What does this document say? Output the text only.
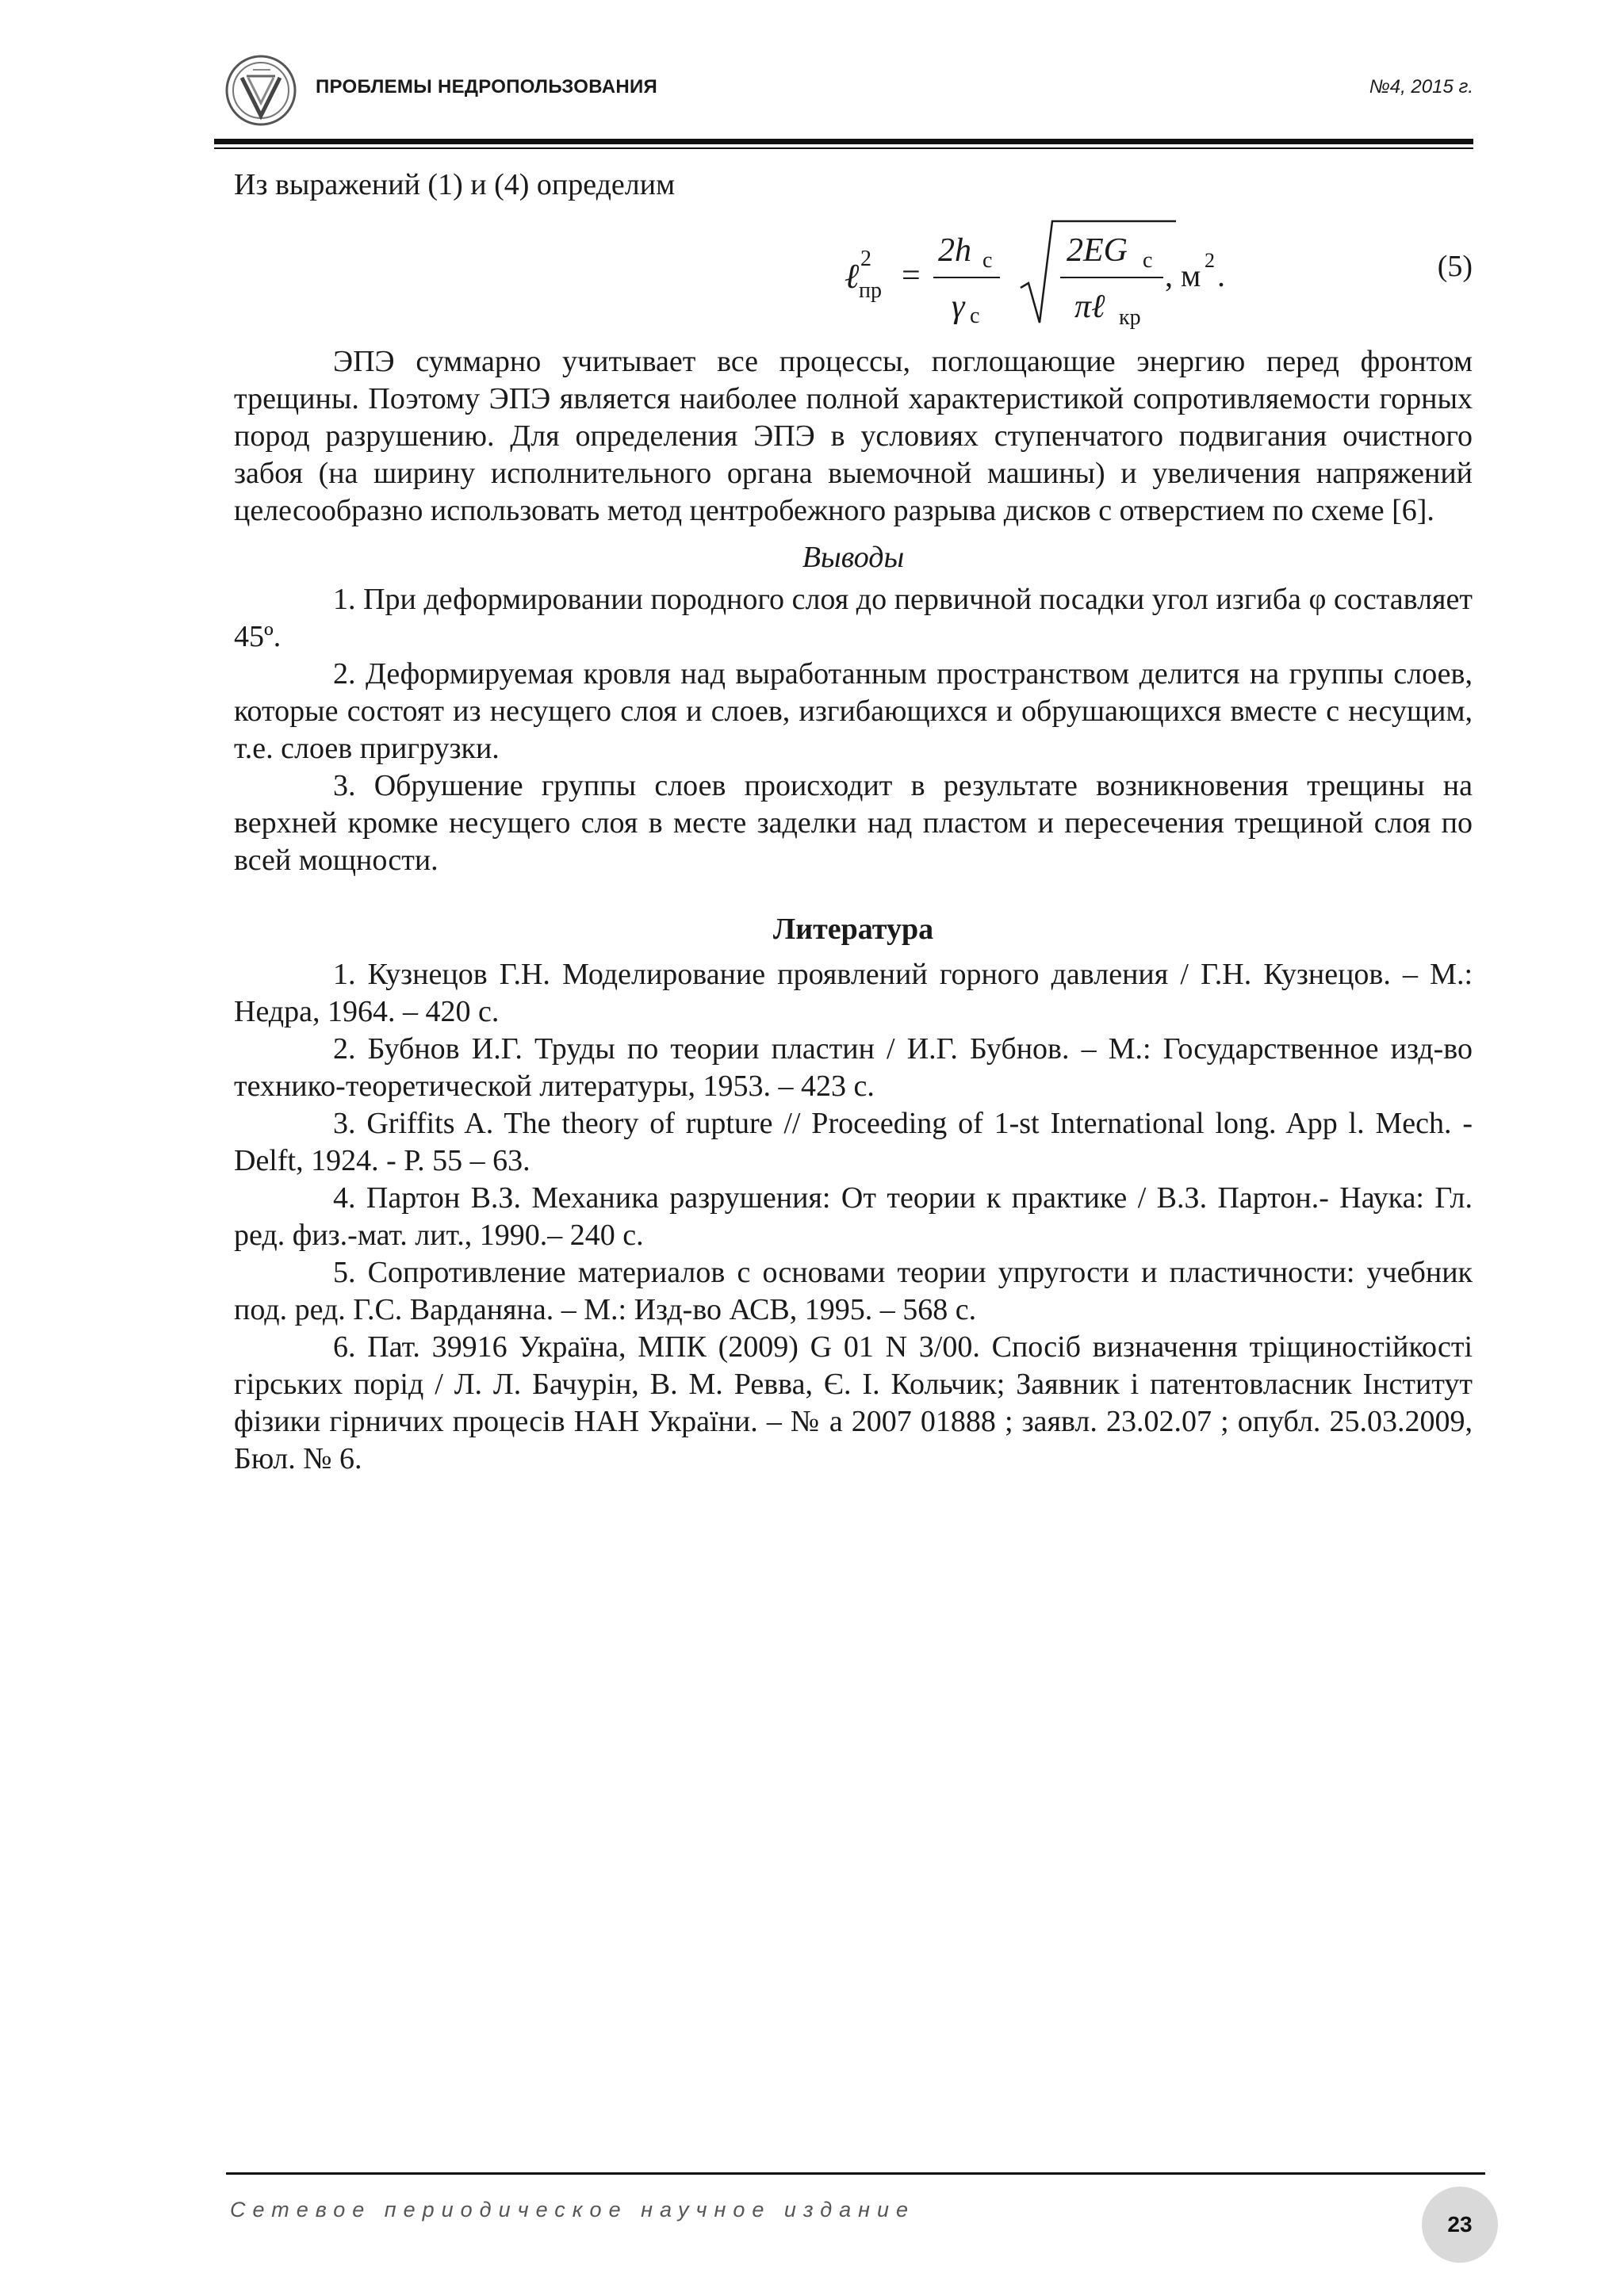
ПРОБЛЕМЫ НЕДРОПОЛЬЗОВАНИЯ	№4, 2015 г.

Из выражений (1) и (4) определим

ℓ 2
пр =
2h с
γ с
2EG с
πℓ кр
, м 2 .	(5)

ЭПЭ суммарно учитывает все процессы, поглощающие энергию перед фронтом трещины. Поэтому ЭПЭ является наиболее полной характеристикой сопротивляемости горных пород разрушению. Для определения ЭПЭ в условиях ступенчатого подвигания очистного забоя (на ширину исполнительного органа выемочной машины) и увеличения напряжений целесообразно использовать метод центробежного разрыва дисков с отверстием по схеме [6].

Выводы

1. При деформировании породного слоя до первичной посадки угол изгиба φ составляет 45º.

2. Деформируемая кровля над выработанным пространством делится на группы слоев, которые состоят из несущего слоя и слоев, изгибающихся и обрушающихся вместе с несущим, т.е. слоев пригрузки.

3. Обрушение группы слоев происходит в результате возникновения трещины на верхней кромке несущего слоя в месте заделки над пластом и пересечения трещиной слоя по всей мощности.

Литература

1. Кузнецов Г.Н. Моделирование проявлений горного давления / Г.Н. Кузнецов. – М.: Недра, 1964. – 420 с.

2. Бубнов И.Г. Труды по теории пластин / И.Г. Бубнов. – М.: Государственное изд-во технико-теоретической литературы, 1953. – 423 с.

3. Griffits A. The theory of rupture // Proceeding of 1-st International long. App l. Mech. - Delft, 1924. - P. 55 – 63.

4. Партон В.З. Механика разрушения: От теории к практике / В.З. Партон.- Наука: Гл. ред. физ.-мат. лит., 1990.– 240 с.

5. Сопротивление материалов с основами теории упругости и пластичности: учебник под. ред. Г.С. Варданяна. – М.: Изд-во АСВ, 1995. – 568 с.

6. Пат. 39916 Україна, МПК (2009) G 01 N 3/00. Спосіб визначення тріщиностійкості гірських порід / Л. Л. Бачурін, В. М. Ревва, Є. І. Кольчик; Заявник і патентовласник Інститут фізики гірничих процесів НАН України. – № а 2007 01888 ; заявл. 23.02.07 ; опубл. 25.03.2009, Бюл. № 6.

Сетевое периодическое научное издание
23
